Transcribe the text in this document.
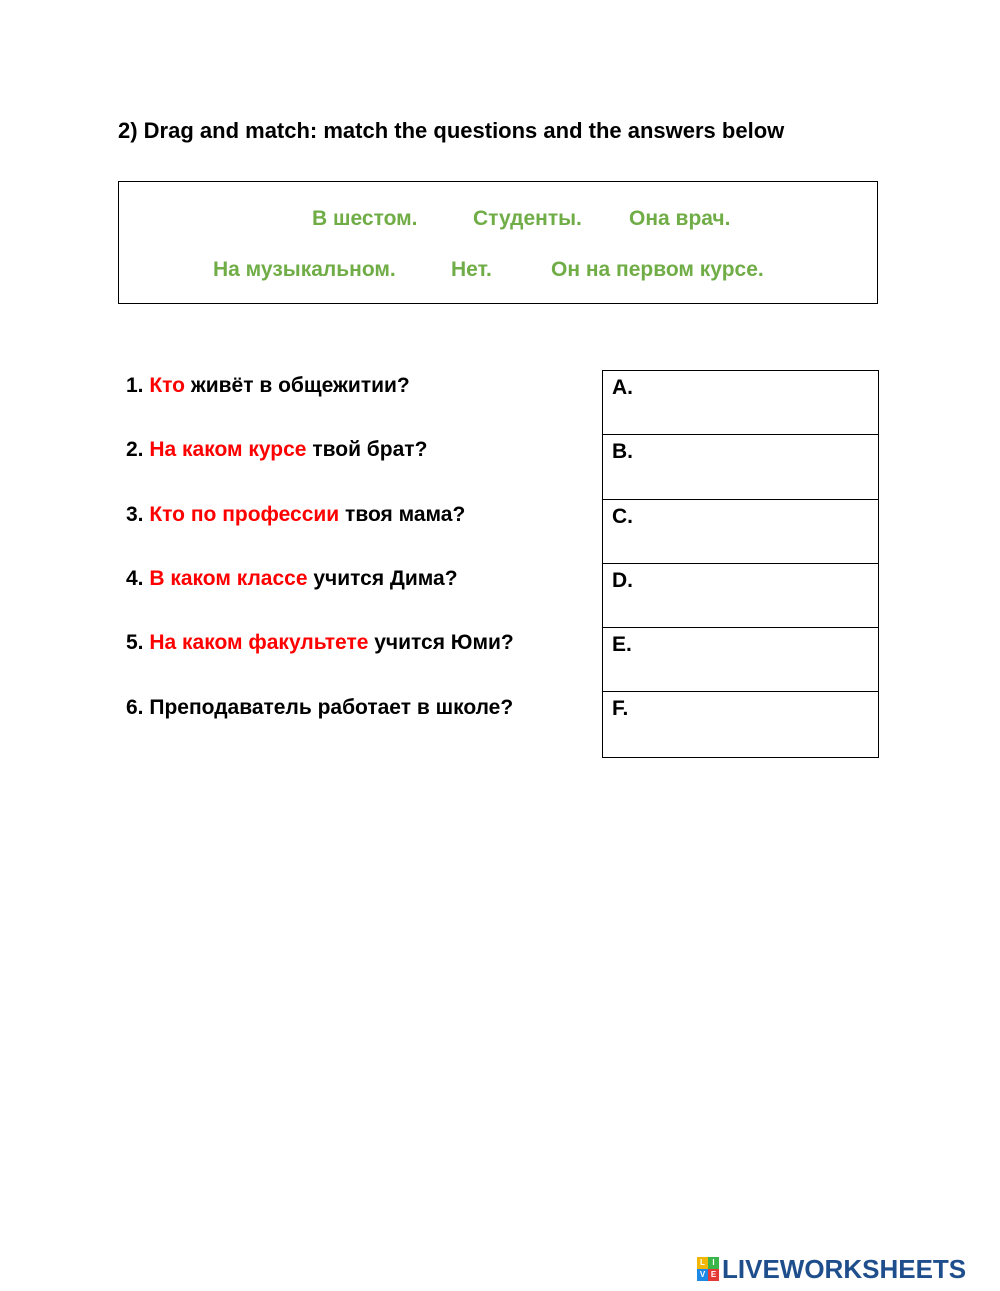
2) Drag and match: match the questions and the answers below
В шестом.	Студенты. Она врач.
На музыкальном.	Нет.	Он на первом курсе.
1. Кто живёт в общежитии?
2. На каком курсе твой брат?
3. Кто по профессии твоя мама?
4. В каком классе учится Дима?
5. На каком факультете учится Юми?
6. Преподаватель работает в школе?
A.
B.
C.
D.
E.
F.
L I
V E LIVEWORKSHEETS
